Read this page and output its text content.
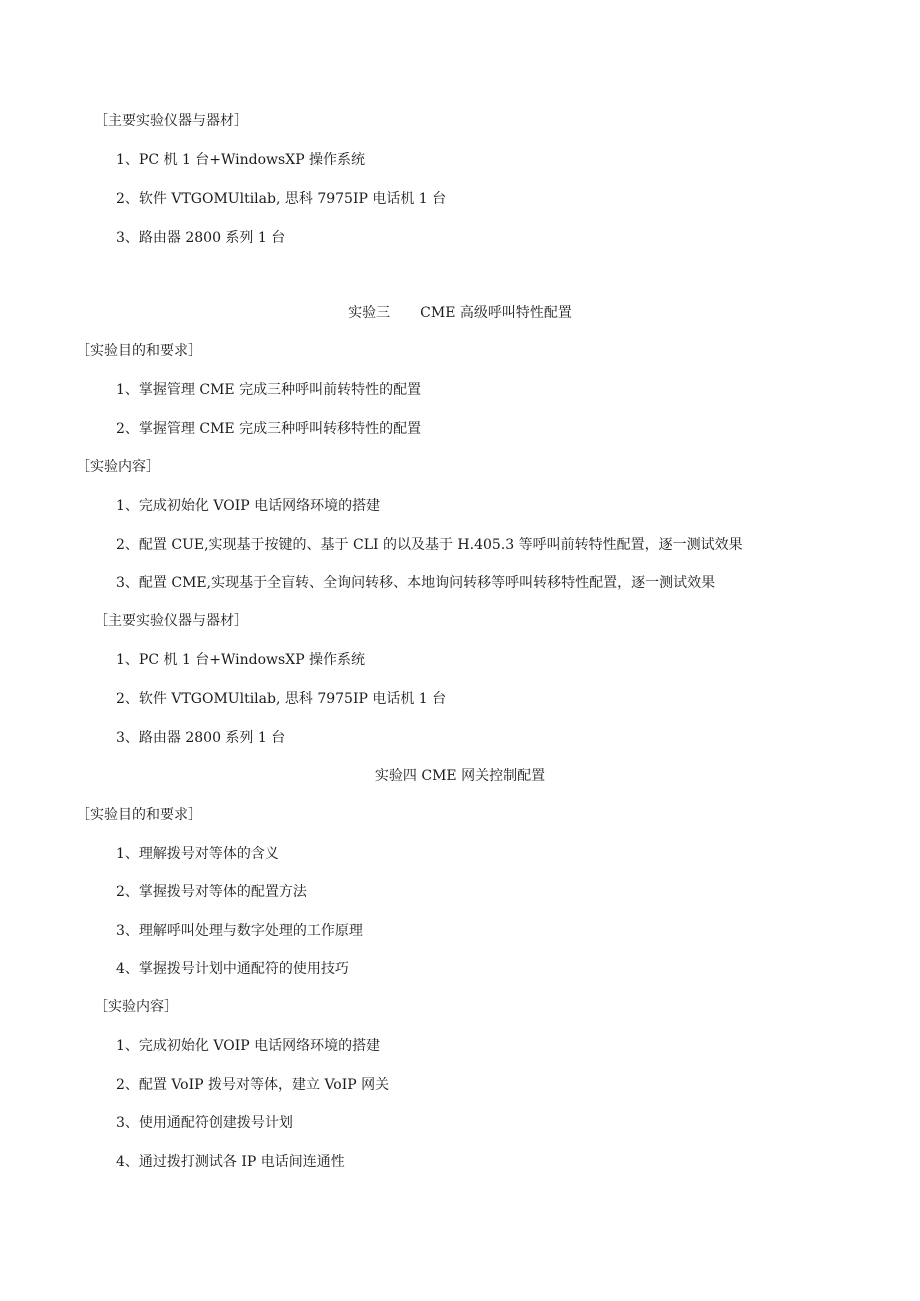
［主要实验仪器与器材］
1、PC 机 1 台+WindowsXP 操作系统
2、软件 VTGOMUltilab, 思科 7975IP 电话机 1 台
3、路由器 2800 系列 1 台
实验三 CME 高级呼叫特性配置
［实验目的和要求］
1、掌握管理 CME 完成三种呼叫前转特性的配置
2、掌握管理 CME 完成三种呼叫转移特性的配置
［实验内容］
1、完成初始化 VOIP 电话网络环境的搭建
2、配置 CUE,实现基于按键的、基于 CLI 的以及基于 H.405.3 等呼叫前转特性配置，逐一测试效果
3、配置 CME,实现基于全盲转、全询问转移、本地询问转移等呼叫转移特性配置，逐一测试效果
［主要实验仪器与器材］
1、PC 机 1 台+WindowsXP 操作系统
2、软件 VTGOMUltilab, 思科 7975IP 电话机 1 台
3、路由器 2800 系列 1 台
实验四 CME 网关控制配置
［实验目的和要求］
1、理解拨号对等体的含义
2、掌握拨号对等体的配置方法
3、理解呼叫处理与数字处理的工作原理
4、掌握拨号计划中通配符的使用技巧
［实验内容］
1、完成初始化 VOIP 电话网络环境的搭建
2、配置 VoIP 拨号对等体，建立 VoIP 网关
3、使用通配符创建拨号计划
4、通过拨打测试各 IP 电话间连通性
